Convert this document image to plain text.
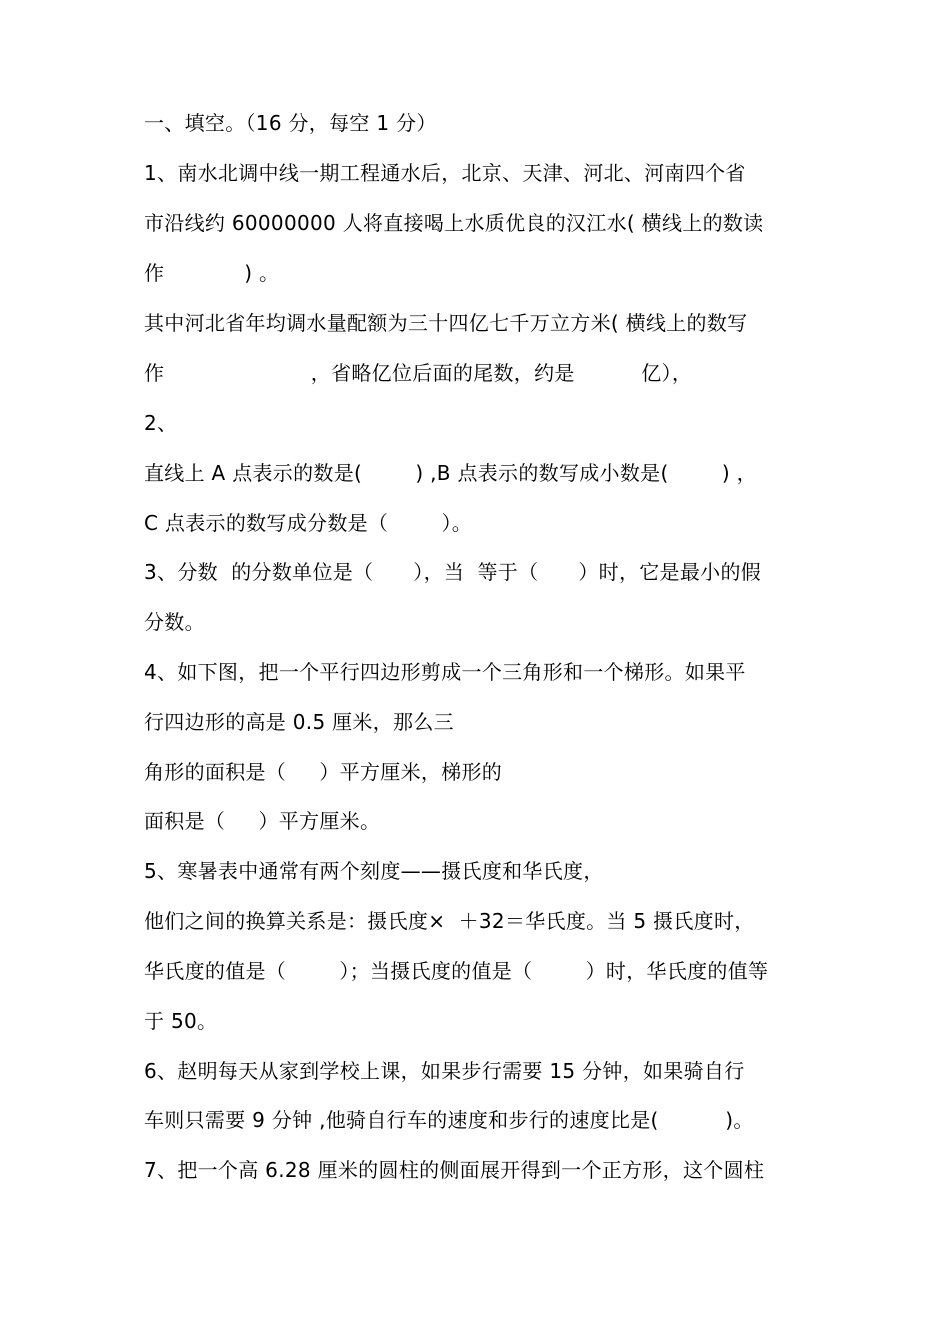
一、填空。（16 分，每空 1 分）
1、南水北调中线一期工程通水后，北京、天津、河北、河南四个省
市沿线约 60000000 人将直接喝上水质优良的汉江水( 横线上的数读
作            ) 。
其中河北省年均调水量配额为三十四亿七千万立方米( 横线上的数写
作                      ，省略亿位后面的尾数，约是          亿），
2、
直线上 A 点表示的数是(        ) ,B 点表示的数写成小数是(        ) ，
C 点表示的数写成分数是（        ）。
3、分数  的分数单位是（      ），当  等于（      ）时，它是最小的假
分数。
4、如下图，把一个平行四边形剪成一个三角形和一个梯形。如果平
行四边形的高是 0.5 厘米，那么三
角形的面积是（     ）平方厘米，梯形的
面积是（     ）平方厘米。
5、寒暑表中通常有两个刻度——摄氏度和华氏度，
他们之间的换算关系是：摄氏度×  ＋32＝华氏度。当 5 摄氏度时，
华氏度的值是（        ）；当摄氏度的值是（        ）时，华氏度的值等
于 50。
6、赵明每天从家到学校上课，如果步行需要 15 分钟，如果骑自行
车则只需要 9 分钟 ,他骑自行车的速度和步行的速度比是(          )。
7、把一个高 6.28 厘米的圆柱的侧面展开得到一个正方形，这个圆柱
